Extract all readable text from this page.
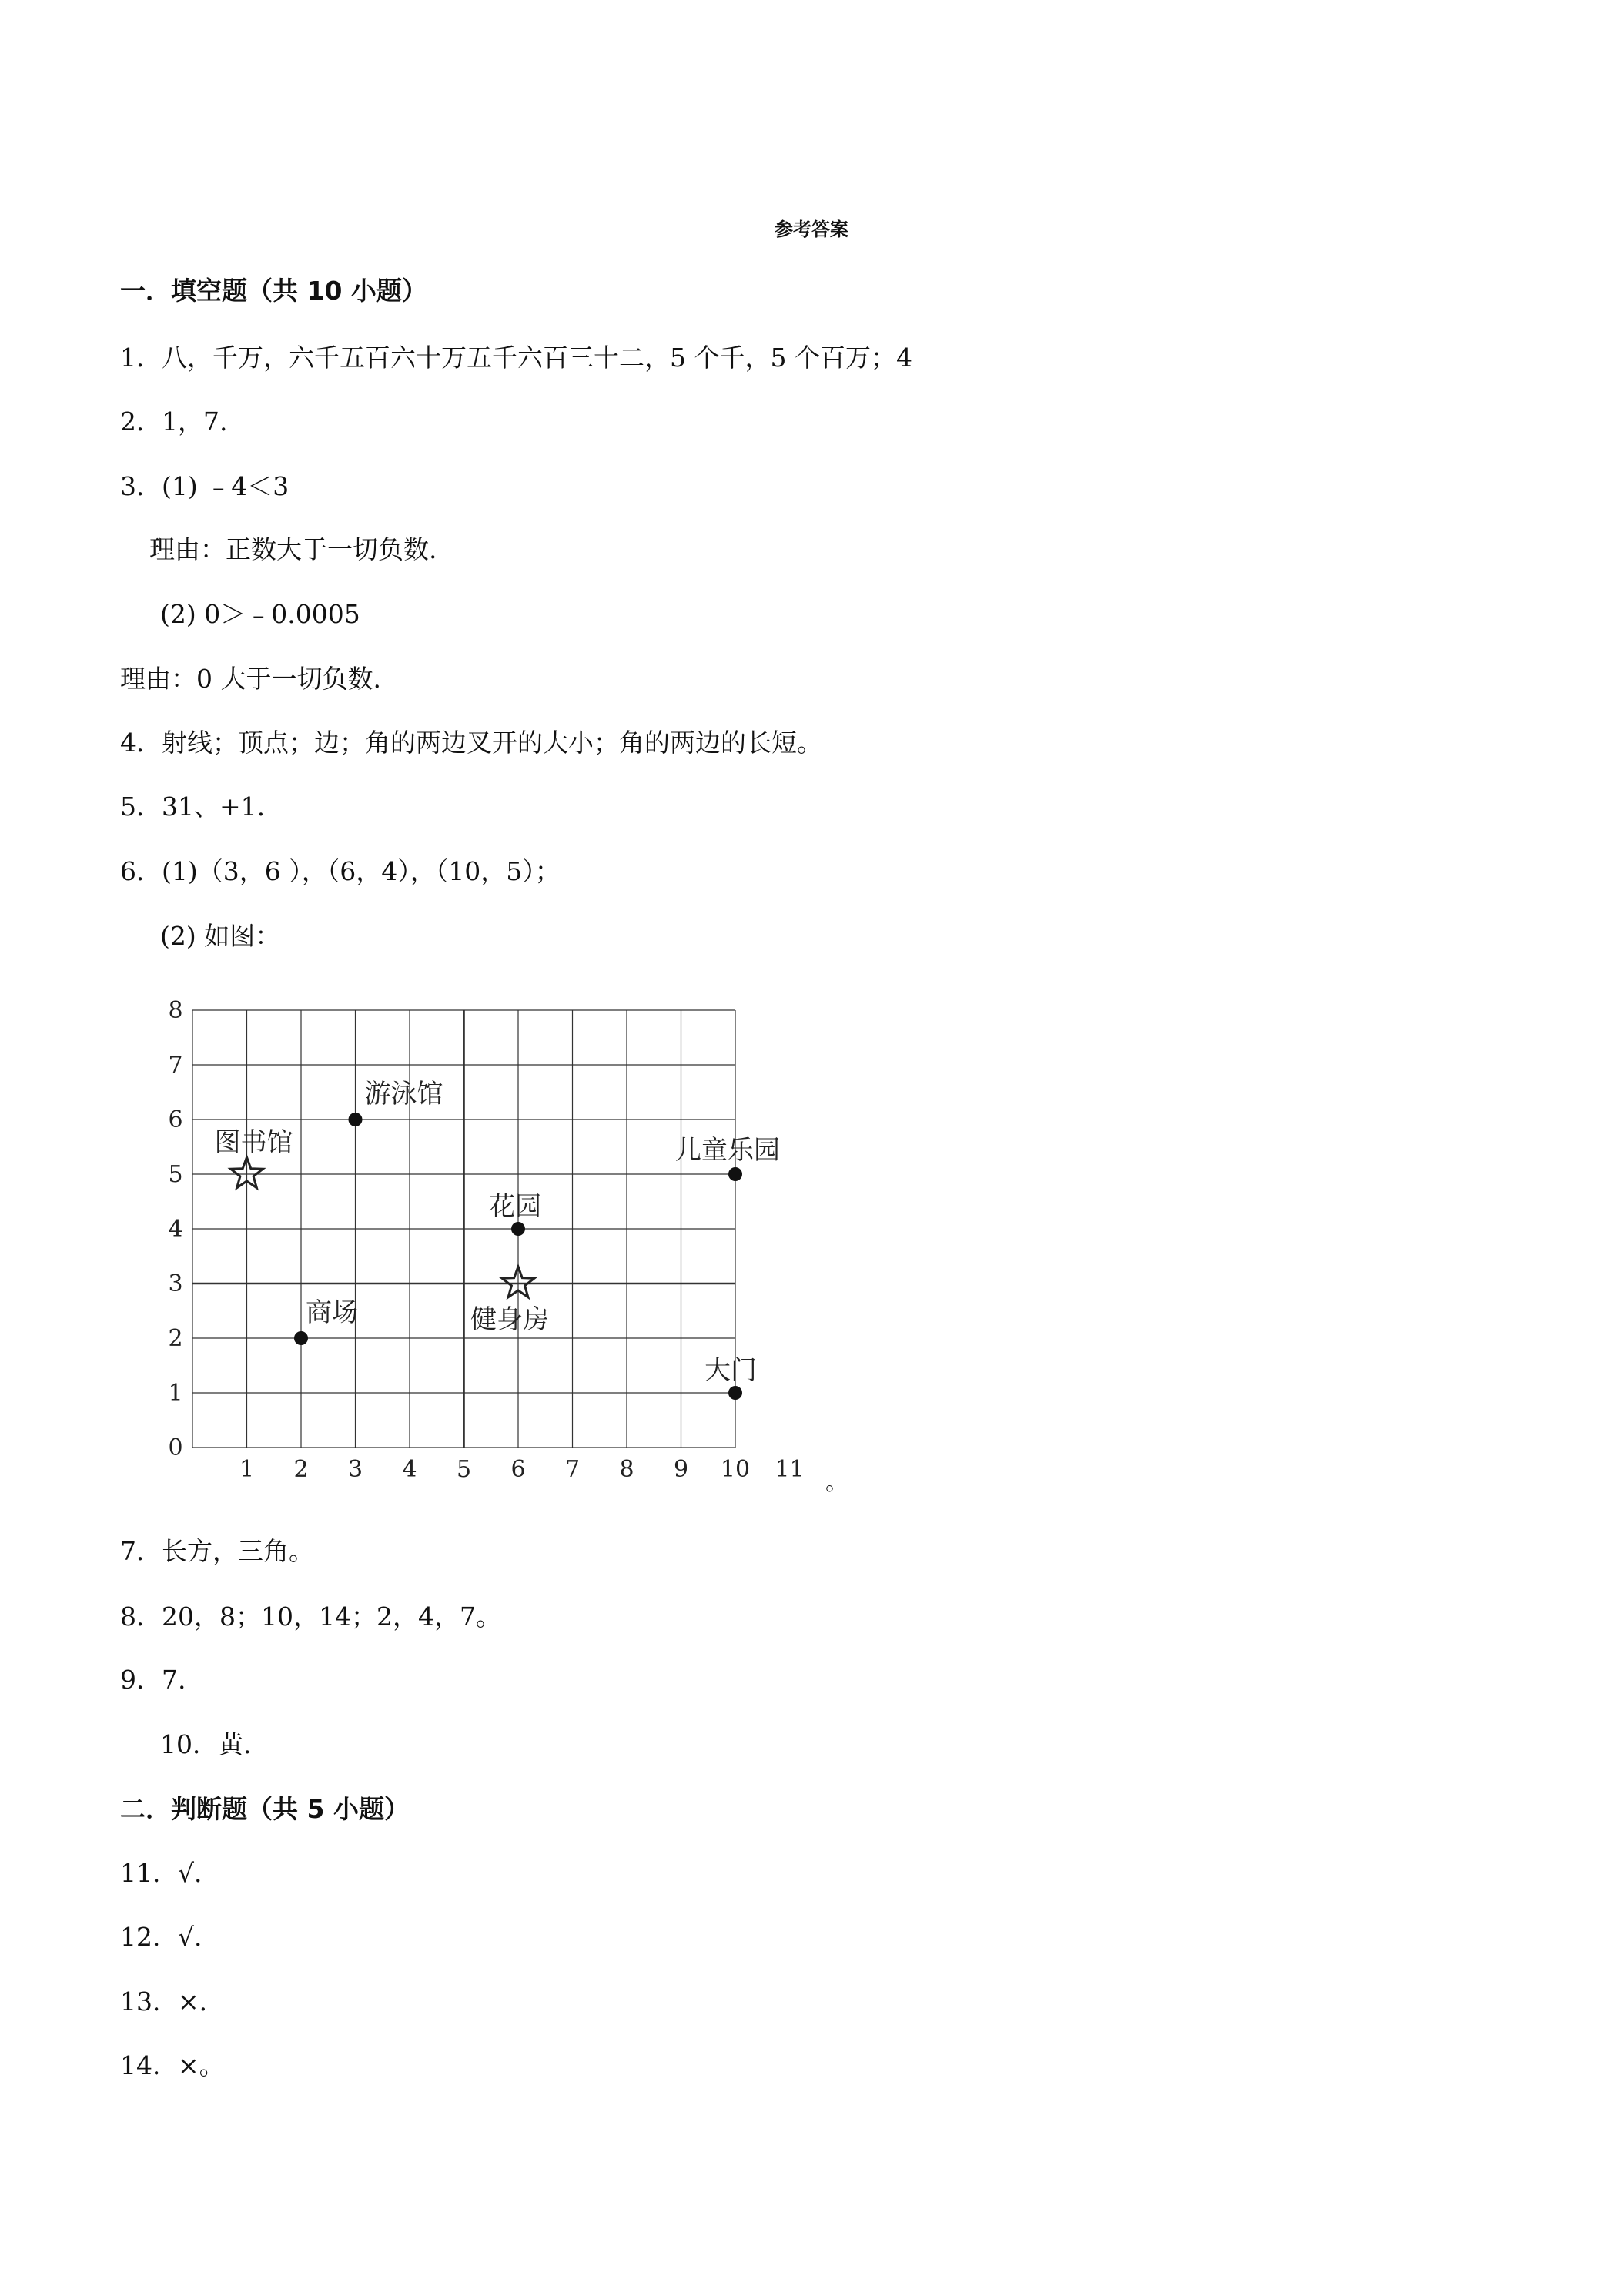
参考答案
一．填空题（共 10 小题）
1．八，千万，六千五百六十万五千六百三十二，5 个千，5 个百万；4
2．1，7.
3．(1) ﹣4＜3
理由：正数大于一切负数.
(2) 0＞﹣0.0005
理由：0 大于一切负数.
4．射线；顶点；边；角的两边叉开的大小；角的两边的长短。
5．31、+1.
6．(1)（3，6 ），（6，4），（10，5）；
(2) 如图：
1 2 3 4 5 6 7 8 9 10 11
0
1
2
3
4
5
6
7
8
游泳馆
图书馆	儿童乐园
花园
健身房
商场
大门
。
7．长方，三角。
8．20，8；10，14；2，4，7。
9．7.
10．黄.
二．判断题（共 5 小题）
11．√.
12．√.
13．×.
14．×。
